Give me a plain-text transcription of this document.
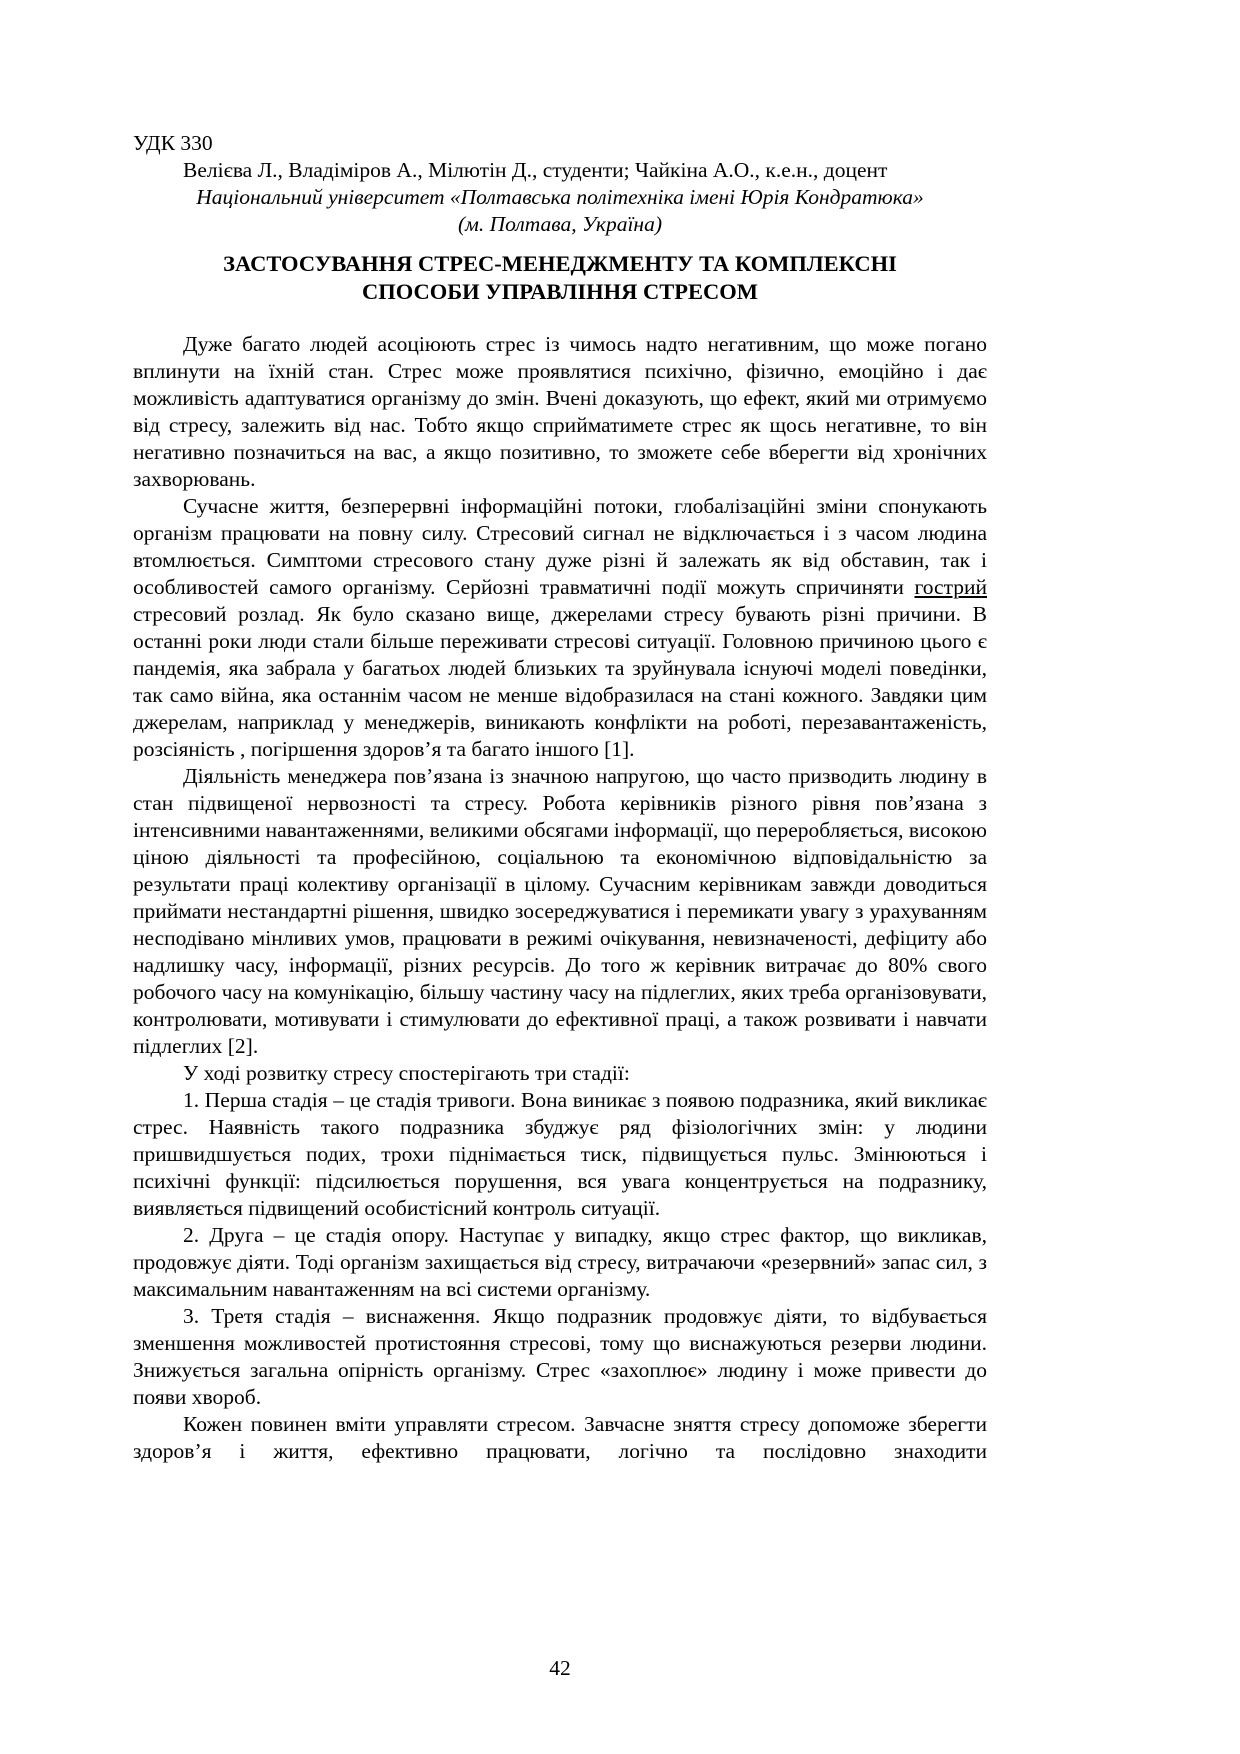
УДК 330
Велієва Л., Владіміров А., Мілютін Д., студенти; Чайкіна А.О., к.е.н., доцент
Національний університет «Полтавська політехніка імені Юрія Кондратюка»
(м. Полтава, Україна)
ЗАСТОСУВАННЯ СТРЕС-МЕНЕДЖМЕНТУ ТА КОМПЛЕКСНІ
СПОСОБИ УПРАВЛІННЯ СТРЕСОМ

Дуже багато людей асоціюють стрес із чимось надто негативним, що може погано вплинути на їхній стан. Стрес може проявлятися психічно, фізично, емоційно і дає можливість адаптуватися організму до змін. Вчені доказують, що ефект, який ми отримуємо від стресу, залежить від нас. Тобто якщо сприйматимете стрес як щось негативне, то він негативно позначиться на вас, а якщо позитивно, то зможете себе вберегти від хронічних захворювань.

Сучасне життя, безперервні інформаційні потоки, глобалізаційні зміни спонукають організм працювати на повну силу. Стресовий сигнал не відключається і з часом людина втомлюється. Симптоми стресового стану дуже різні й залежать як від обставин, так і особливостей самого організму. Серйозні травматичні події можуть спричиняти гострий стресовий розлад. Як було сказано вище, джерелами стресу бувають різні причини. В останні роки люди стали більше переживати стресові ситуації. Головною причиною цього є пандемія, яка забрала у багатьох людей близьких та зруйнувала існуючі моделі поведінки, так само війна, яка останнім часом не менше відобразилася на стані кожного. Завдяки цим джерелам, наприклад у менеджерів, виникають конфлікти на роботі, перезавантаженість, розсіяність , погіршення здоров’я та багато іншого [1].

Діяльність менеджера пов’язана із значною напругою, що часто призводить людину в стан підвищеної нервозності та стресу. Робота керівників різного рівня пов’язана з інтенсивними навантаженнями, великими обсягами інформації, що переробляється, високою ціною діяльності та професійною, соціальною та економічною відповідальністю за результати праці колективу організації в цілому. Сучасним керівникам завжди доводиться приймати нестандартні рішення, швидко зосереджуватися і перемикати увагу з урахуванням несподівано мінливих умов, працювати в режимі очікування, невизначеності, дефіциту або надлишку часу, інформації, різних ресурсів. До того ж керівник витрачає до 80% свого робочого часу на комунікацію, більшу частину часу на підлеглих, яких треба організовувати, контролювати, мотивувати і стимулювати до ефективної праці, а також розвивати і навчати підлеглих [2].

У ході розвитку стресу спостерігають три стадії:

1. Перша стадія – це стадія тривоги. Вона виникає з появою подразника, який викликає стрес. Наявність такого подразника збуджує ряд фізіологічних змін: у людини пришвидшується подих, трохи піднімається тиск, підвищується пульс. Змінюються і психічні функції: підсилюється порушення, вся увага концентрується на подразнику, виявляється підвищений особистісний контроль ситуації.

2. Друга – це стадія опору. Наступає у випадку, якщо стрес фактор, що викликав, продовжує діяти. Тоді організм захищається від стресу, витрачаючи «резервний» запас сил, з максимальним навантаженням на всі системи організму.

3. Третя стадія – виснаження. Якщо подразник продовжує діяти, то відбувається зменшення можливостей протистояння стресові, тому що виснажуються резерви людини. Знижується загальна опірність організму. Стрес «захоплює» людину і може привести до появи хвороб.

Кожен повинен вміти управляти стресом. Завчасне зняття стресу допоможе зберегти здоров’я і життя, ефективно працювати, логічно та послідовно знаходити

42
